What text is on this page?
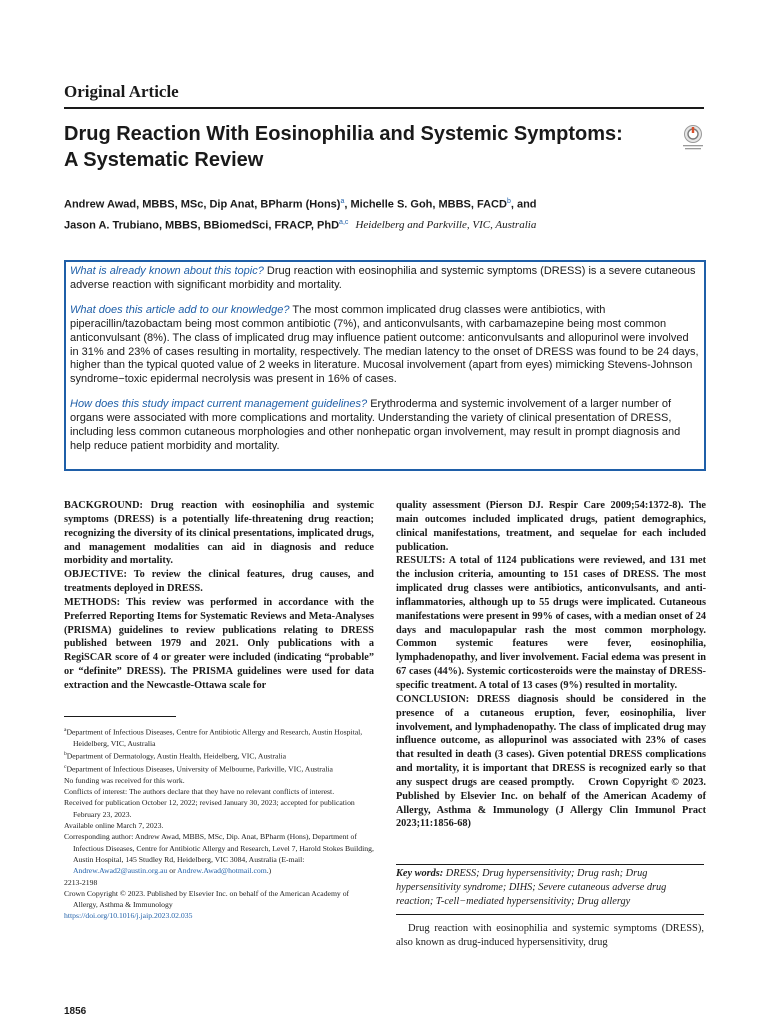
Original Article
Drug Reaction With Eosinophilia and Systemic Symptoms: A Systematic Review
Andrew Awad, MBBS, MSc, Dip Anat, BPharm (Hons)$^a$, Michelle S. Goh, MBBS, FACD$^b$, and
Jason A. Trubiano, MBBS, BBiomedSci, FRACP, PhD$^{a,c}$ Heidelberg and Parkville, VIC, Australia

What is already known about this topic? Drug reaction with eosinophilia and systemic symptoms (DRESS) is a severe cutaneous adverse reaction with significant morbidity and mortality.

What does this article add to our knowledge? The most common implicated drug classes were antibiotics, with piperacillin/tazobactam being most common antibiotic (7%), and anticonvulsants, with carbamazepine being most common anticonvulsant (8%). The class of implicated drug may influence patient outcome: anticonvulsants and allopurinol were involved in 31% and 23% of cases resulting in mortality, respectively. The median latency to the onset of DRESS was found to be 24 days, higher than the typical quoted value of 2 weeks in literature. Mucosal involvement (apart from eyes) mimicking Stevens-Johnson syndrome−toxic epidermal necrolysis was present in 16% of cases.

How does this study impact current management guidelines? Erythroderma and systemic involvement of a larger number of organs were associated with more complications and mortality. Understanding the variety of clinical presentation of DRESS, including less common cutaneous morphologies and other nonhepatic organ involvement, may result in prompt diagnosis and help reduce patient morbidity and mortality.

BACKGROUND: Drug reaction with eosinophilia and systemic symptoms (DRESS) is a potentially life-threatening drug reaction; recognizing the diversity of its clinical presentations, implicated drugs, and management modalities can aid in diagnosis and reduce morbidity and mortality.

OBJECTIVE: To review the clinical features, drug causes, and treatments deployed in DRESS.

METHODS: This review was performed in accordance with the Preferred Reporting Items for Systematic Reviews and Meta-Analyses (PRISMA) guidelines to review publications relating to DRESS published between 1979 and 2021. Only publications with a RegiSCAR score of 4 or greater were included (indicating “probable” or “definite” DRESS). The PRISMA guidelines were used for data extraction and the Newcastle-Ottawa scale for

quality assessment (Pierson DJ. Respir Care 2009;54:1372-8). The main outcomes included implicated drugs, patient demographics, clinical manifestations, treatment, and sequelae for each included publication.

RESULTS: A total of 1124 publications were reviewed, and 131 met the inclusion criteria, amounting to 151 cases of DRESS. The most implicated drug classes were antibiotics, anticonvulsants, and anti-inflammatories, although up to 55 drugs were implicated. Cutaneous manifestations were present in 99% of cases, with a median onset of 24 days and maculopapular rash the most common morphology. Common systemic features were fever, eosinophilia, lymphadenopathy, and liver involvement. Facial edema was present in 67 cases (44%). Systemic corticosteroids were the mainstay of DRESS-specific treatment. A total of 13 cases (9%) resulted in mortality.

CONCLUSION: DRESS diagnosis should be considered in the presence of a cutaneous eruption, fever, eosinophilia, liver involvement, and lymphadenopathy. The class of implicated drug may influence outcome, as allopurinol was associated with 23% of cases that resulted in death (3 cases). Given potential DRESS complications and mortality, it is important that DRESS is recognized early so that any suspect drugs are ceased promptly.  Crown Copyright © 2023. Published by Elsevier Inc. on behalf of the American Academy of Allergy, Asthma & Immunology (J Allergy Clin Immunol Pract 2023;11:1856-68)

$^a$Department of Infectious Diseases, Centre for Antibiotic Allergy and Research, Austin Hospital, Heidelberg, VIC, Australia

$^b$Department of Dermatology, Austin Health, Heidelberg, VIC, Australia

$^c$Department of Infectious Diseases, University of Melbourne, Parkville, VIC, Australia

No funding was received for this work.

Conflicts of interest: The authors declare that they have no relevant conflicts of interest.

Received for publication October 12, 2022; revised January 30, 2023; accepted for publication February 23, 2023.

Available online March 7, 2023.

Corresponding author: Andrew Awad, MBBS, MSc, Dip. Anat, BPharm (Hons), Department of Infectious Diseases, Centre for Antibiotic Allergy and Research, Level 7, Harold Stokes Building, Austin Hospital, 145 Studley Rd, Heidelberg, VIC 3084, Australia (E-mail: Andrew.Awad2@austin.org.au or Andrew.Awad@hotmail.com.)

2213-2198

Crown Copyright © 2023. Published by Elsevier Inc. on behalf of the American Academy of Allergy, Asthma & Immunology

https://doi.org/10.1016/j.jaip.2023.02.035

Key words: DRESS; Drug hypersensitivity; Drug rash; Drug hypersensitivity syndrome; DIHS; Severe cutaneous adverse drug reaction; T-cell−mediated hypersensitivity; Drug allergy

Drug reaction with eosinophilia and systemic symptoms (DRESS), also known as drug-induced hypersensitivity, drug

1856
